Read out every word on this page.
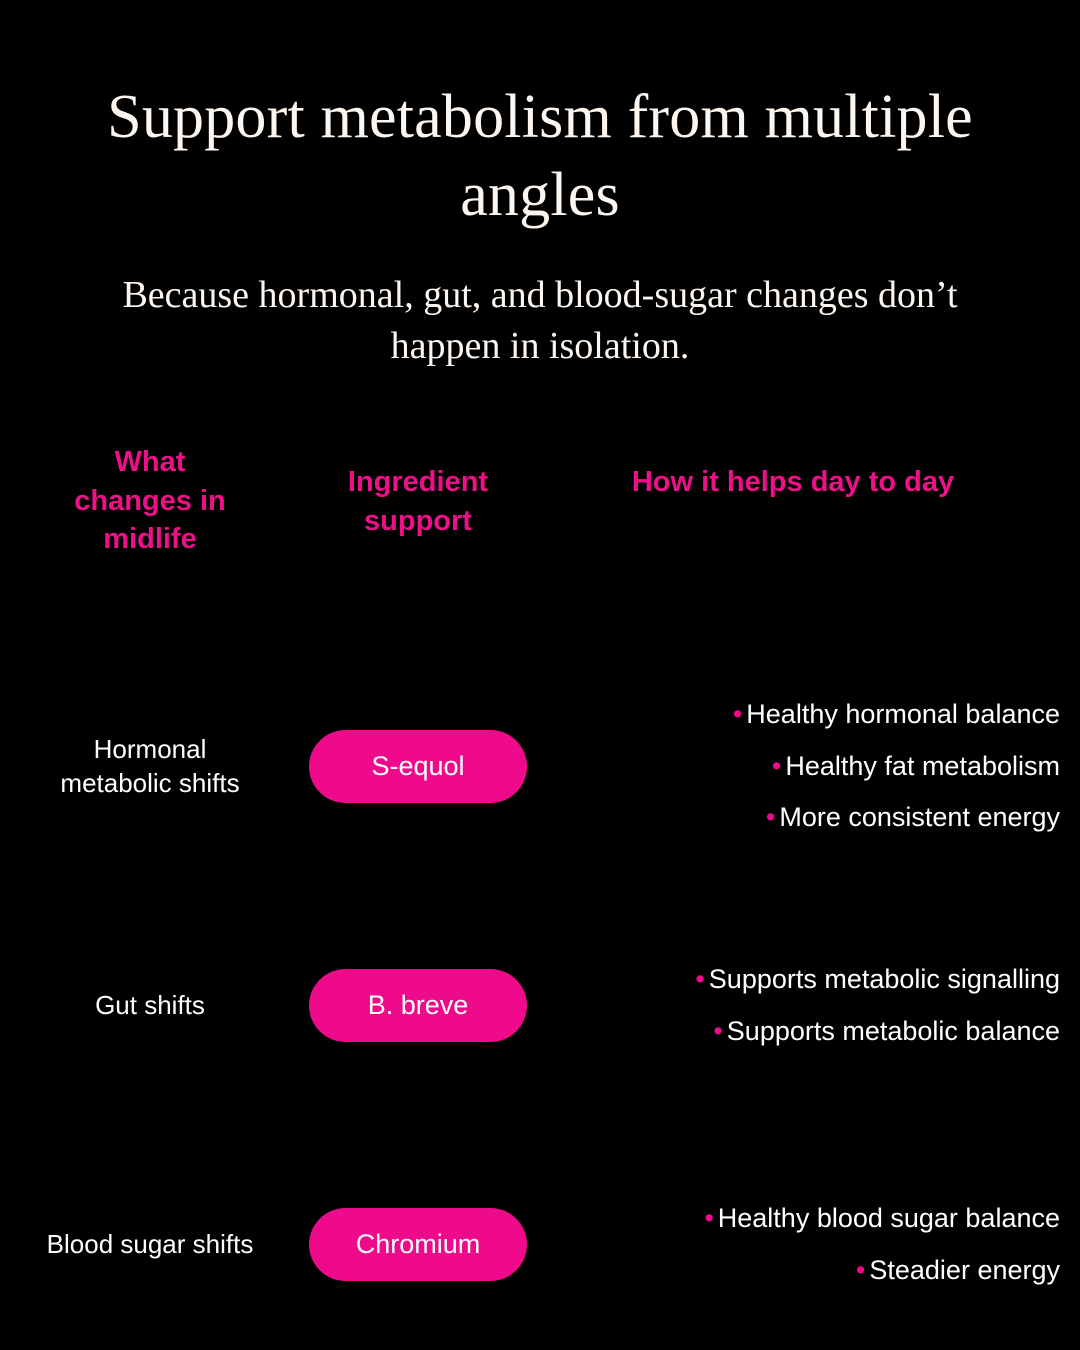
Support metabolism from multiple angles
Because hormonal, gut, and blood-sugar changes don’t happen in isolation.
What changes in midlife
Ingredient support
How it helps day to day
Hormonal metabolic shifts
S-equol
• Healthy hormonal balance
• Healthy fat metabolism
• More consistent energy
Gut shifts	B. breve
• Supports metabolic signalling
• Supports metabolic balance
Blood sugar shifts	Chromium
• Healthy blood sugar balance
• Steadier energy
